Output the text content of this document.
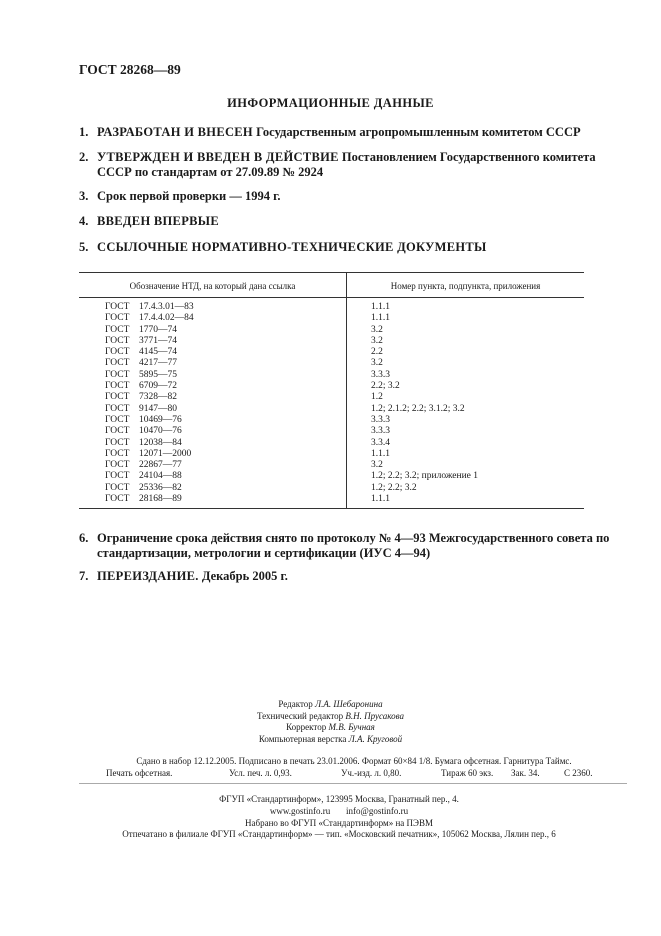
ГОСТ 28268—89
ИНФОРМАЦИОННЫЕ ДАННЫЕ
1. РАЗРАБОТАН И ВНЕСЕН Государственным агропромышленным комитетом СССР
2. УТВЕРЖДЕН И ВВЕДЕН В ДЕЙСТВИЕ Постановлением Государственного комитета СССР по стандартам от 27.09.89 № 2924
3. Срок первой проверки — 1994 г.
4. ВВЕДЕН ВПЕРВЫЕ
5. ССЫЛОЧНЫЕ НОРМАТИВНО-ТЕХНИЧЕСКИЕ ДОКУМЕНТЫ
Обозначение НТД, на который дана ссылка	Номер пункта, подпункта, приложения
ГОСТ 17.4.3.01—83	1.1.1
ГОСТ 17.4.4.02—84	1.1.1
ГОСТ 1770—74	3.2
ГОСТ 3771—74	3.2
ГОСТ 4145—74	2.2
ГОСТ 4217—77	3.2
ГОСТ 5895—75	3.3.3
ГОСТ 6709—72	2.2; 3.2
ГОСТ 7328—82	1.2
ГОСТ 9147—80	1.2; 2.1.2; 2.2; 3.1.2; 3.2
ГОСТ 10469—76	3.3.3
ГОСТ 10470—76	3.3.3
ГОСТ 12038—84	3.3.4
ГОСТ 12071—2000	1.1.1
ГОСТ 22867—77	3.2
ГОСТ 24104—88	1.2; 2.2; 3.2; приложение 1
ГОСТ 25336—82	1.2; 2.2; 3.2
ГОСТ 28168—89	1.1.1
6. Ограничение срока действия снято по протоколу № 4—93 Межгосударственного совета по стандартизации, метрологии и сертификации (ИУС 4—94)
7. ПЕРЕИЗДАНИЕ. Декабрь 2005 г.
Редактор Л.А. Шебаронина
Технический редактор В.Н. Прусакова
Корректор М.В. Бучная
Компьютерная верстка Л.А. Круговой
Сдано в набор 12.12.2005. Подписано в печать 23.01.2006. Формат 60×84 1/8. Бумага офсетная. Гарнитура Таймс.
Печать офсетная.	Усл. печ. л. 0,93.	Уч.-изд. л. 0,80.	Тираж 60 экз. Зак. 34.	С 2360.
ФГУП «Стандартинформ», 123995 Москва, Гранатный пер., 4.
www.gostinfo.ru       info@gostinfo.ru
Набрано во ФГУП «Стандартинформ» на ПЭВМ
Отпечатано в филиале ФГУП «Стандартинформ» — тип. «Московский печатник», 105062 Москва, Лялин пер., 6
